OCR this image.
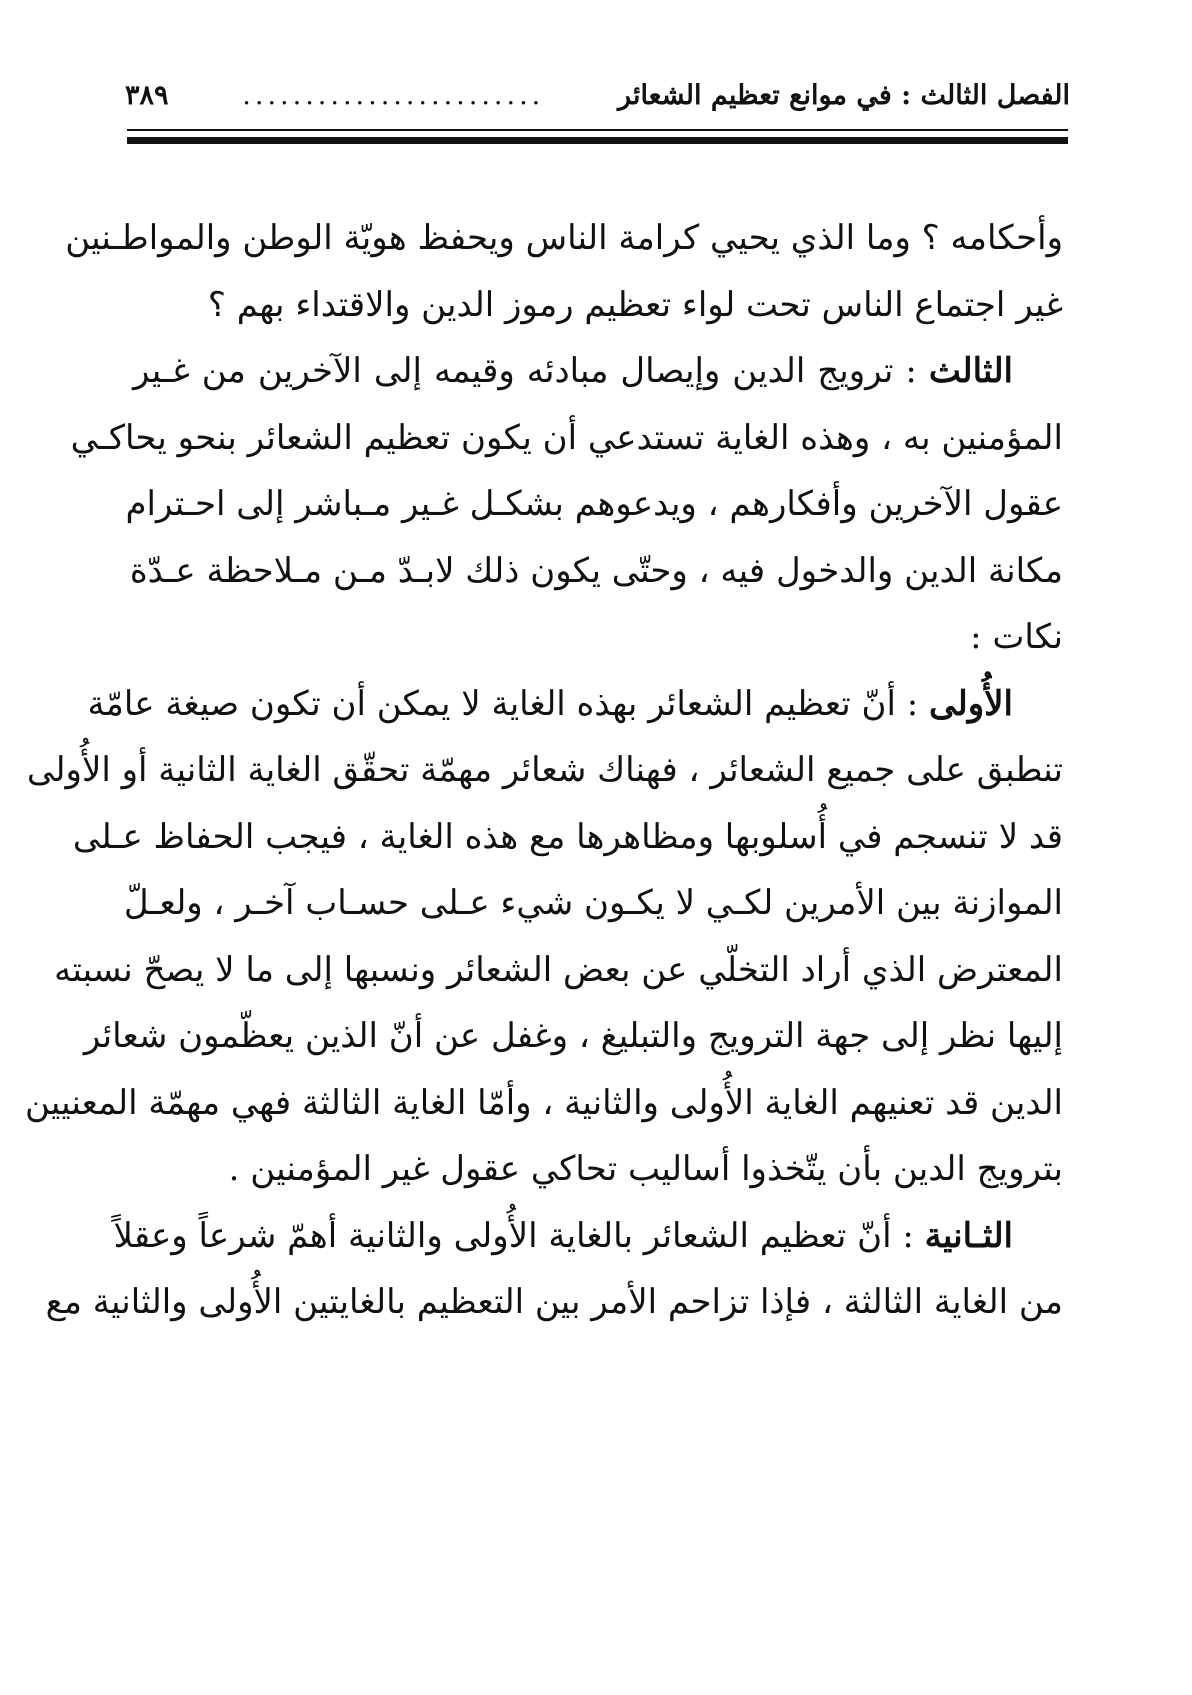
الفصل الثالث : في موانع تعظيم الشعائر
........................
٣٨٩
وأحكامه ؟ وما الذي يحيي كرامة الناس ويحفظ هويّة الوطن والمواطـنين
غير اجتماع الناس تحت لواء تعظيم رموز الدين والاقتداء بهم ؟
الثالث : ترويج الدين وإيصال مبادئه وقيمه إلى الآخرين من غـير
المؤمنين به ، وهذه الغاية تستدعي أن يكون تعظيم الشعائر بنحو يحاكـي
عقول الآخرين وأفكارهم ، ويدعوهم بشكـل غـير مـباشر إلى احـترام
مكانة الدين والدخول فيه ، وحتّى يكون ذلك لابـدّ مـن مـلاحظة عـدّة
نكات :
الأُولى : أنّ تعظيم الشعائر بهذه الغاية لا يمكن أن تكون صيغة عامّة
تنطبق على جميع الشعائر ، فهناك شعائر مهمّة تحقّق الغاية الثانية أو الأُولى
قد لا تنسجم في أُسلوبها ومظاهرها مع هذه الغاية ، فيجب الحفاظ عـلى
الموازنة بين الأمرين لكـي لا يكـون شيء عـلى حسـاب آخـر ، ولعـلّ
المعترض الذي أراد التخلّي عن بعض الشعائر ونسبها إلى ما لا يصحّ نسبته
إليها نظر إلى جهة الترويج والتبليغ ، وغفل عن أنّ الذين يعظّمون شعائر
الدين قد تعنيهم الغاية الأُولى والثانية ، وأمّا الغاية الثالثة فهي مهمّة المعنيين
بترويج الدين بأن يتّخذوا أساليب تحاكي عقول غير المؤمنين .
الثـانية : أنّ تعظيم الشعائر بالغاية الأُولى والثانية أهمّ شرعاً وعقلاً
من الغاية الثالثة ، فإذا تزاحم الأمر بين التعظيم بالغايتين الأُولى والثانية مع
